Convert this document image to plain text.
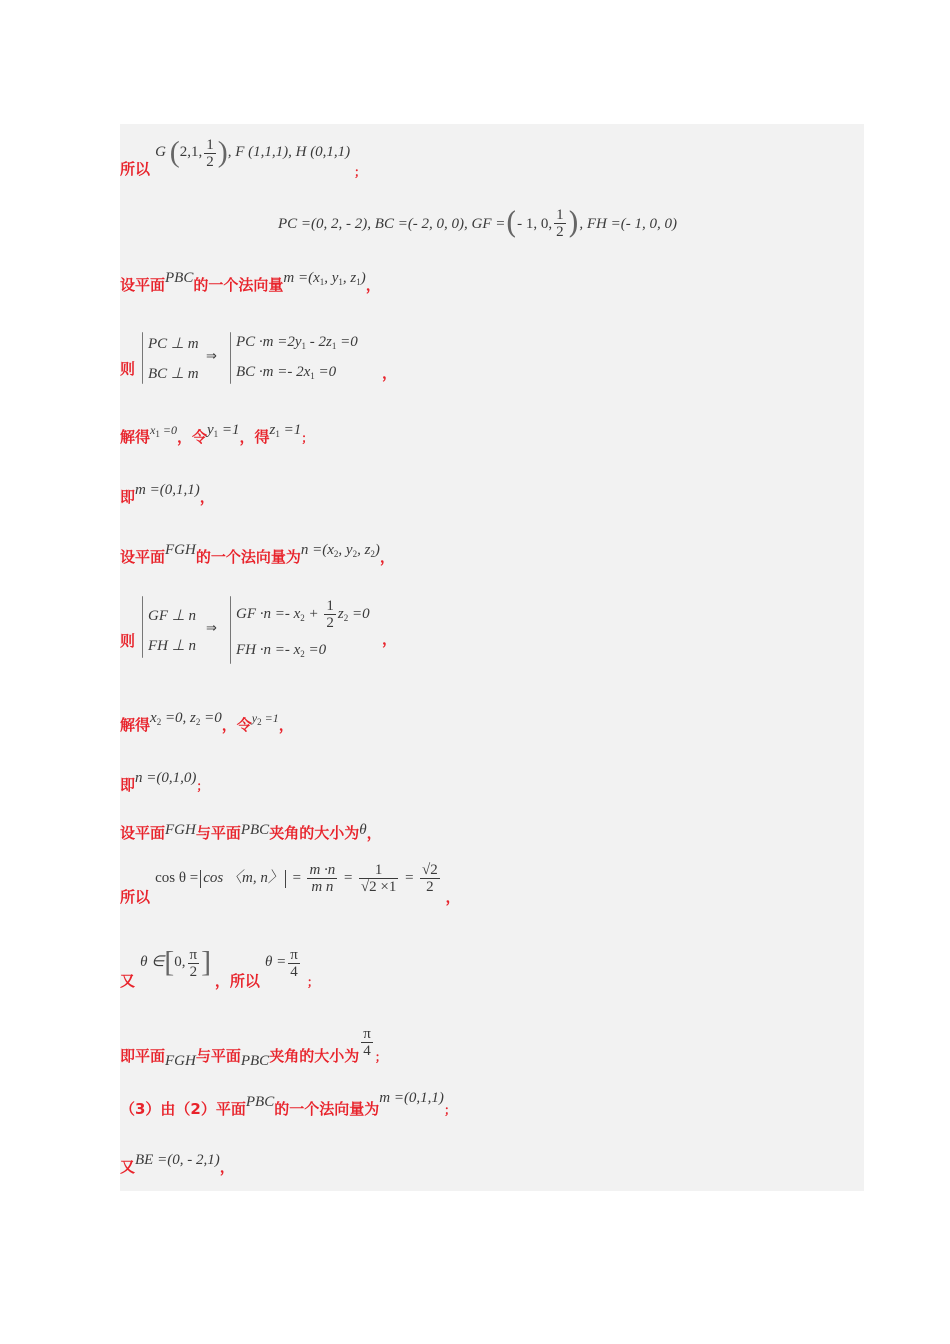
所以 G (2,1, $\frac{1}{2}$ ), F (1,1,1), H (0,1,1) $_;$
PC =(0, 2, - 2), BC =(- 2, 0, 0), GF =(- 1, 0, $\frac{1}{2}$ ), FH =(- 1, 0, 0)
设平面PBC的一个法向量$m =(x_1$, $y_1$, $z_1$)，
则
PC ⊥ m
BC ⊥ m
⇒
PC $\cdot m =2y_1 - 2z_1 =0$
BC $\cdot m =- 2x_1 =0$	，
解得$^{x_1 =0}$，令$y_1 =1$，得$z_1 =1$；
即m =(0,1,1)，
设平面FGH的一个法向量为$n =(x_2$, $y_2$, $z_2$)，
则
GF ⊥ n
FH ⊥ n
⇒
GF $\cdot n =- x_2 + \frac{1}{2} z_2 =0$
FH $\cdot n =- x_2 =0$
，
解得$x_2 =0$, $z_2 =0$，令$^{y_2 =1}$，
即n =(0,1,0)；
设平面FGH与平面PBC夹角的大小为θ，
所以 cos θ = cos 〈m, n〉 = $\frac{m \cdot n}{\text{m n}} = \frac{1}{√2 \times 1} = \frac{√2}{2}$
，
又 θ ∈[0, $\frac{\pi}{2}$ ] ，所以 $\theta = \frac{\pi}{4}$
$_;$
即平面FGH与平面PBC夹角的大小为 $\frac{\pi}{4} _;$
（3）由（2）平面PBC的一个法向量为m =(0,1,1)；
又BE =(0, - 2,1)，
